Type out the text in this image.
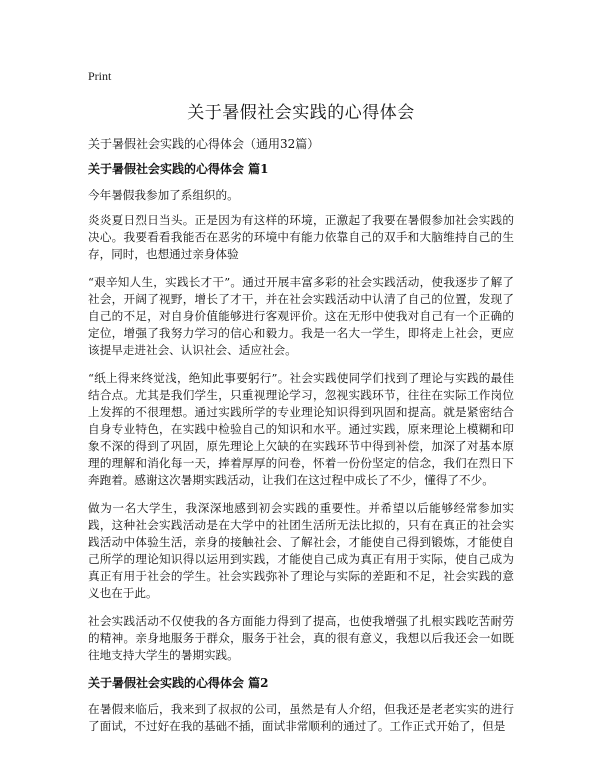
Print
关于暑假社会实践的心得体会
关于暑假社会实践的心得体会（通用32篇）
关于暑假社会实践的心得体会 篇1

今年暑假我参加了系组织的。

炎炎夏日烈日当头。正是因为有这样的环境，正激起了我要在暑假参加社会实践的决心。我要看看我能否在恶劣的环境中有能力依靠自己的双手和大脑维持自己的生存，同时，也想通过亲身体验

“艰辛知人生，实践长才干”。通过开展丰富多彩的社会实践活动，使我逐步了解了社会，开阔了视野，增长了才干，并在社会实践活动中认清了自己的位置，发现了自己的不足，对自身价值能够进行客观评价。这在无形中使我对自己有一个正确的定位，增强了我努力学习的信心和毅力。我是一名大一学生，即将走上社会，更应该提早走进社会、认识社会、适应社会。

“纸上得来终觉浅，绝知此事要躬行”。社会实践使同学们找到了理论与实践的最佳结合点。尤其是我们学生，只重视理论学习，忽视实践环节，往往在实际工作岗位上发挥的不很理想。通过实践所学的专业理论知识得到巩固和提高。就是紧密结合自身专业特色，在实践中检验自己的知识和水平。通过实践，原来理论上模糊和印象不深的得到了巩固，原先理论上欠缺的在实践环节中得到补偿，加深了对基本原理的理解和消化每一天，捧着厚厚的问卷，怀着一份份坚定的信念，我们在烈日下奔跑着。感谢这次暑期实践活动，让我们在这过程中成长了不少，懂得了不少。

做为一名大学生，我深深地感到初会实践的重要性。并希望以后能够经常参加实践，这种社会实践活动是在大学中的社团生活所无法比拟的，只有在真正的社会实践活动中体验生活，亲身的接触社会、了解社会，才能使自己得到锻炼，才能使自己所学的理论知识得以运用到实践，才能使自己成为真正有用于实际，使自己成为真正有用于社会的学生。社会实践弥补了理论与实际的差距和不足，社会实践的意义也在于此。

社会实践活动不仅使我的各方面能力得到了提高，也使我增强了扎根实践吃苦耐劳的精神。亲身地服务于群众，服务于社会，真的很有意义，我想以后我还会一如既往地支持大学生的暑期实践。

关于暑假社会实践的心得体会 篇2

在暑假来临后，我来到了叔叔的公司，虽然是有人介绍，但我还是老老实实的进行了面试，不过好在我的基础不插，面试非常顺利的通过了。工作正式开始了，但是
